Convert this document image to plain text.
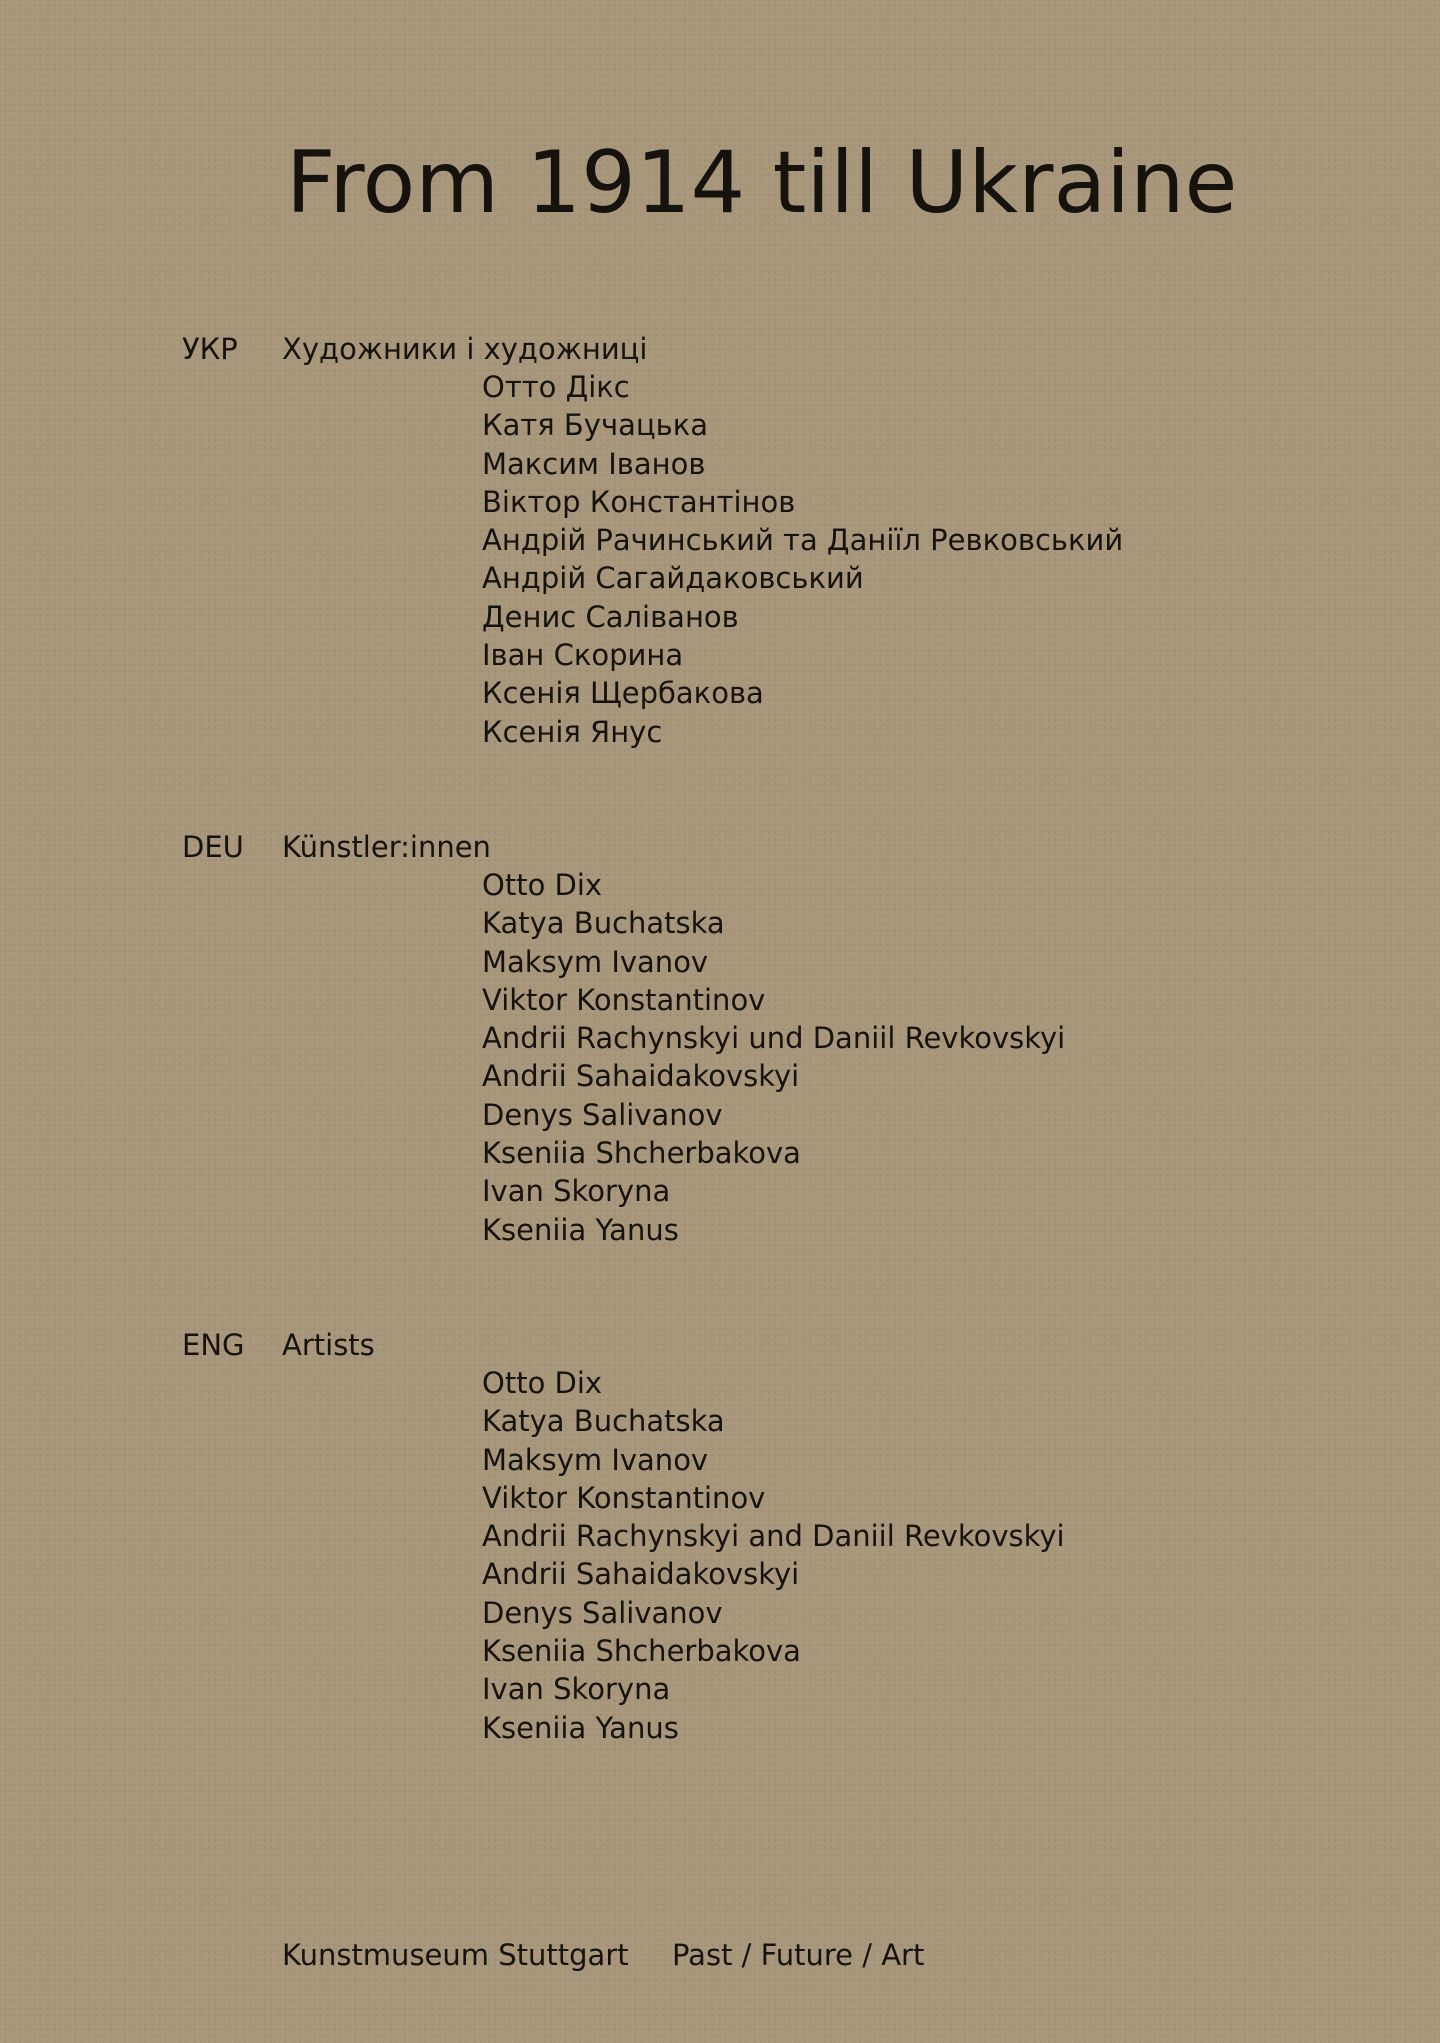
From 1914 till Ukraine
УКР Художники і художниці
Отто Дікс
Катя Бучацька
Максим Іванов
Віктор Константінов
Андрій Рачинський та Даніїл Ревковський
Андрій Сагайдаковський
Денис Саліванов
Іван Скорина
Ксенія Щербакова
Ксенія Янус
DEU Künstler:innen
Otto Dix
Katya Buchatska
Maksym Ivanov
Viktor Konstantinov
Andrii Rachynskyi und Daniil Revkovskyi
Andrii Sahaidakovskyi
Denys Salivanov
Kseniia Shcherbakova
Ivan Skoryna
Kseniia Yanus
ENG Artists
Otto Dix
Katya Buchatska
Maksym Ivanov
Viktor Konstantinov
Andrii Rachynskyi and Daniil Revkovskyi
Andrii Sahaidakovskyi
Denys Salivanov
Kseniia Shcherbakova
Ivan Skoryna
Kseniia Yanus
Kunstmuseum Stuttgart Past / Future / Art
